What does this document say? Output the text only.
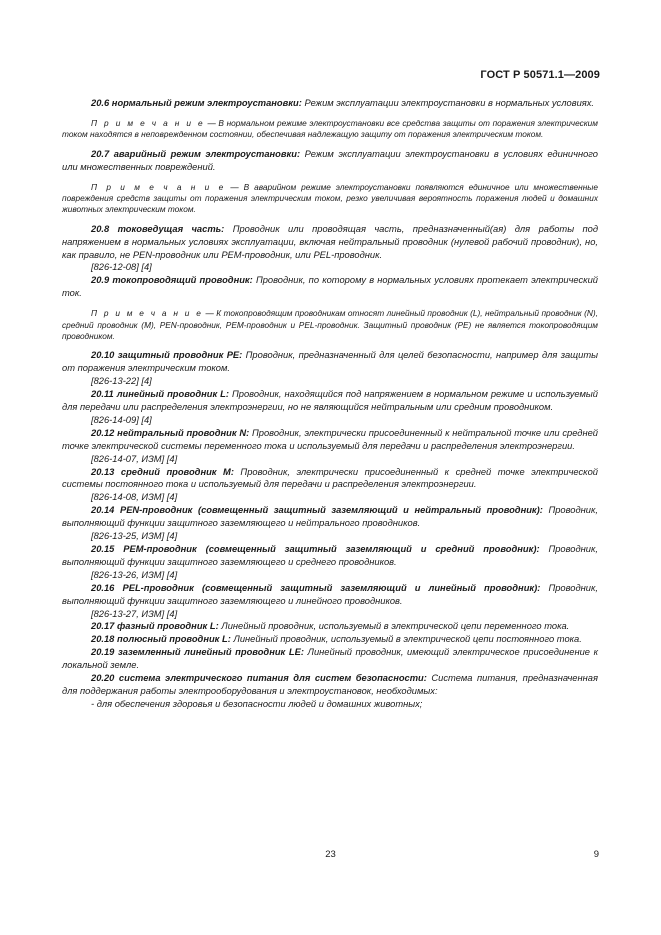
ГОСТ Р 50571.1—2009

20.6 нормальный режим электроустановки: Режим эксплуатации электроустановки в нормальных условиях.

П р и м е ч а н и е — В нормальном режиме электроустановки все средства защиты от поражения электрическим током находятся в неповрежденном состоянии, обеспечивая надлежащую защиту от поражения электрическим током.

20.7 аварийный режим электроустановки: Режим эксплуатации электроустановки в условиях единичного или множественных повреждений.

П р и м е ч а н и е — В аварийном режиме электроустановки появляются единичное или множественные повреждения средств защиты от поражения электрическим током, резко увеличивая вероятность поражения людей и домашних животных электрическим током.

20.8 токоведущая часть: Проводник или проводящая часть, предназначенный(ая) для работы под напряжением в нормальных условиях эксплуатации, включая нейтральный проводник (нулевой рабочий проводник), но, как правило, не PEN-проводник или PEM-проводник, или PEL-проводник.

[826-12-08] [4]

20.9 токопроводящий проводник: Проводник, по которому в нормальных условиях протекает электрический ток.

П р и м е ч а н и е — К токопроводящим проводникам относят линейный проводник (L), нейтральный проводник (N), средний проводник (M), PEN-проводник, PEM-проводник и PEL-проводник. Защитный проводник (PE) не является токопроводящим проводником.

20.10 защитный проводник PE: Проводник, предназначенный для целей безопасности, например для защиты от поражения электрическим током.

[826-13-22] [4]

20.11 линейный проводник L: Проводник, находящийся под напряжением в нормальном режиме и используемый для передачи или распределения электроэнергии, но не являющийся нейтральным или средним проводником.

[826-14-09] [4]

20.12 нейтральный проводник N: Проводник, электрически присоединенный к нейтральной точке или средней точке электрической системы переменного тока и используемый для передачи и распределения электроэнергии.

[826-14-07, ИЗМ] [4]

20.13 средний проводник M: Проводник, электрически присоединенный к средней точке электрической системы постоянного тока и используемый для передачи и распределения электроэнергии.

[826-14-08, ИЗМ] [4]

20.14 PEN-проводник (совмещенный защитный заземляющий и нейтральный проводник): Проводник, выполняющий функции защитного заземляющего и нейтрального проводников.

[826-13-25, ИЗМ] [4]

20.15 PEM-проводник (совмещенный защитный заземляющий и средний проводник): Проводник, выполняющий функции защитного заземляющего и среднего проводников.

[826-13-26, ИЗМ] [4]

20.16 PEL-проводник (совмещенный защитный заземляющий и линейный проводник): Проводник, выполняющий функции защитного заземляющего и линейного проводников.

[826-13-27, ИЗМ] [4]

20.17 фазный проводник L: Линейный проводник, используемый в электрической цепи переменного тока.

20.18 полюсный проводник L: Линейный проводник, используемый в электрической цепи постоянного тока.

20.19 заземленный линейный проводник LE: Линейный проводник, имеющий электрическое присоединение к локальной земле.

20.20 система электрического питания для систем безопасности: Система питания, предназначенная для поддержания работы электрооборудования и электроустановок, необходимых:

- для обеспечения здоровья и безопасности людей и домашних животных;

23	9
